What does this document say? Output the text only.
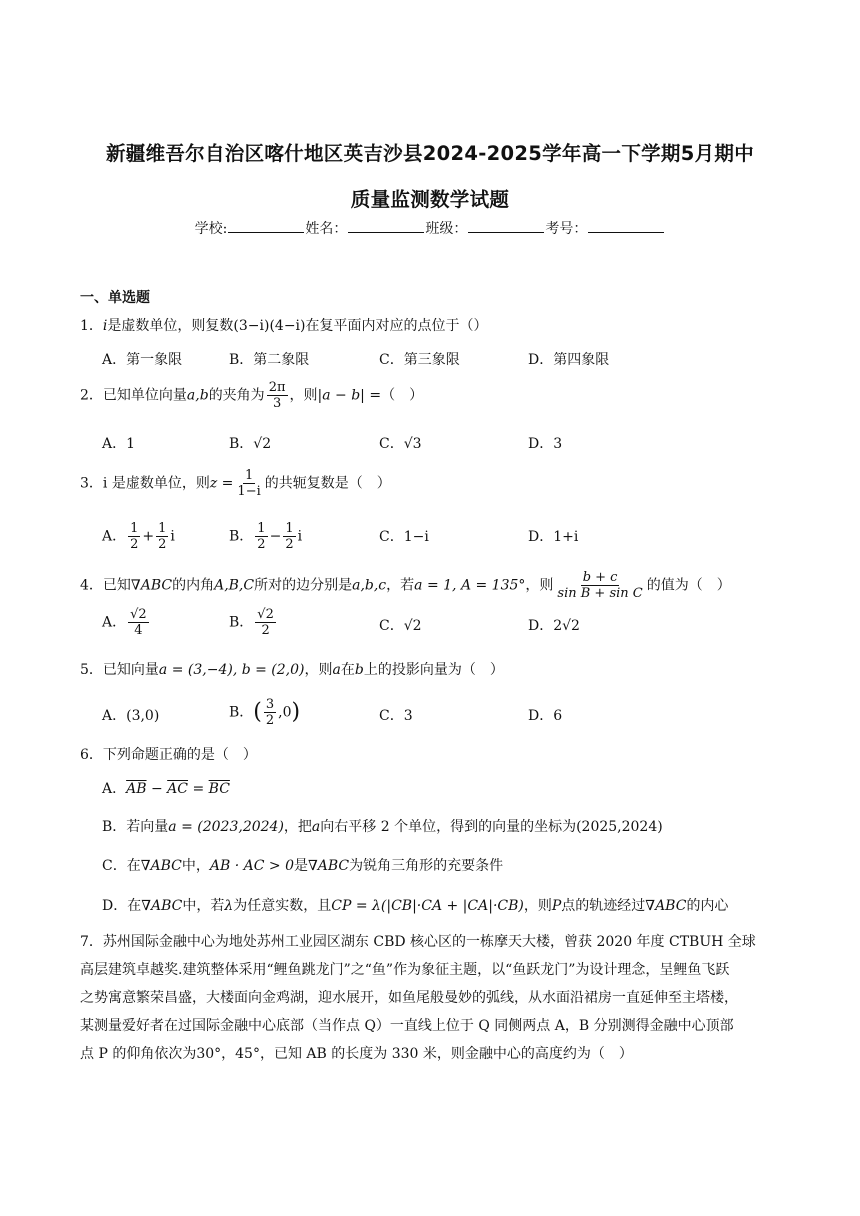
新疆维吾尔自治区喀什地区英吉沙县2024-2025学年高一下学期5月期中
质量监测数学试题
学校:	姓名：	班级：	考号：
一、单选题
1．i是虚数单位，则复数(3−i)(4−i)在复平面内对应的点位于（）
A．第一象限	B．第二象限	C．第三象限	D．第四象限
2．已知单位向量a,b的夹角为 $\frac{2\pi}{3}$ ，则|a − b| =（　）
A．1	B．√2	C．√3	D．3
3．i 是虚数单位，则$z = \frac{1}{1-i}$ 的共轭复数是（　）
A． $\frac{1}{2} + \frac{1}{2}$ i	B． $\frac{1}{2} - \frac{1}{2}$ i	C．1−i	D．1+i
4．已知∇ABC的内角A,B,C所对的边分别是a,b,c，若a = 1, A = 135°，则 $\frac{b + c}{\text{sin B + sin C}}$ 的值为（　）
A． $\frac{√2}{4}$	B． $\frac{√2}{2}$	C．√2	D．2√2
5．已知向量a = (3,−4), b = (2,0)，则a在b上的投影向量为（　）
A．(3,0)	B．( $\frac{3}{2} ,0$)	C．3	D．6
6．下列命题正确的是（　）
A．$\overline{AB} - \overline{AC} = \overline{BC}$
B．若向量a = (2023,2024)，把a向右平移 2 个单位，得到的向量的坐标为(2025,2024)
C．在∇ABC中，AB · AC > 0是∇ABC为锐角三角形的充要条件
D．在∇ABC中，若λ为任意实数，且CP = λ(|CB|·CA + |CA|·CB)，则P点的轨迹经过∇ABC的内心
7．苏州国际金融中心为地处苏州工业园区湖东 CBD 核心区的一栋摩天大楼，曾获 2020 年度 CTBUH 全球
高层建筑卓越奖.建筑整体采用“鲤鱼跳龙门”之“鱼”作为象征主题，以“鱼跃龙门”为设计理念，呈鲤鱼飞跃
之势寓意繁荣昌盛，大楼面向金鸡湖，迎水展开，如鱼尾般曼妙的弧线，从水面沿裙房一直延伸至主塔楼，
某测量爱好者在过国际金融中心底部（当作点 Q）一直线上位于 Q 同侧两点 A，B 分别测得金融中心顶部
点 P 的仰角依次为30°，45°，已知 AB 的长度为 330 米，则金融中心的高度约为（　）
